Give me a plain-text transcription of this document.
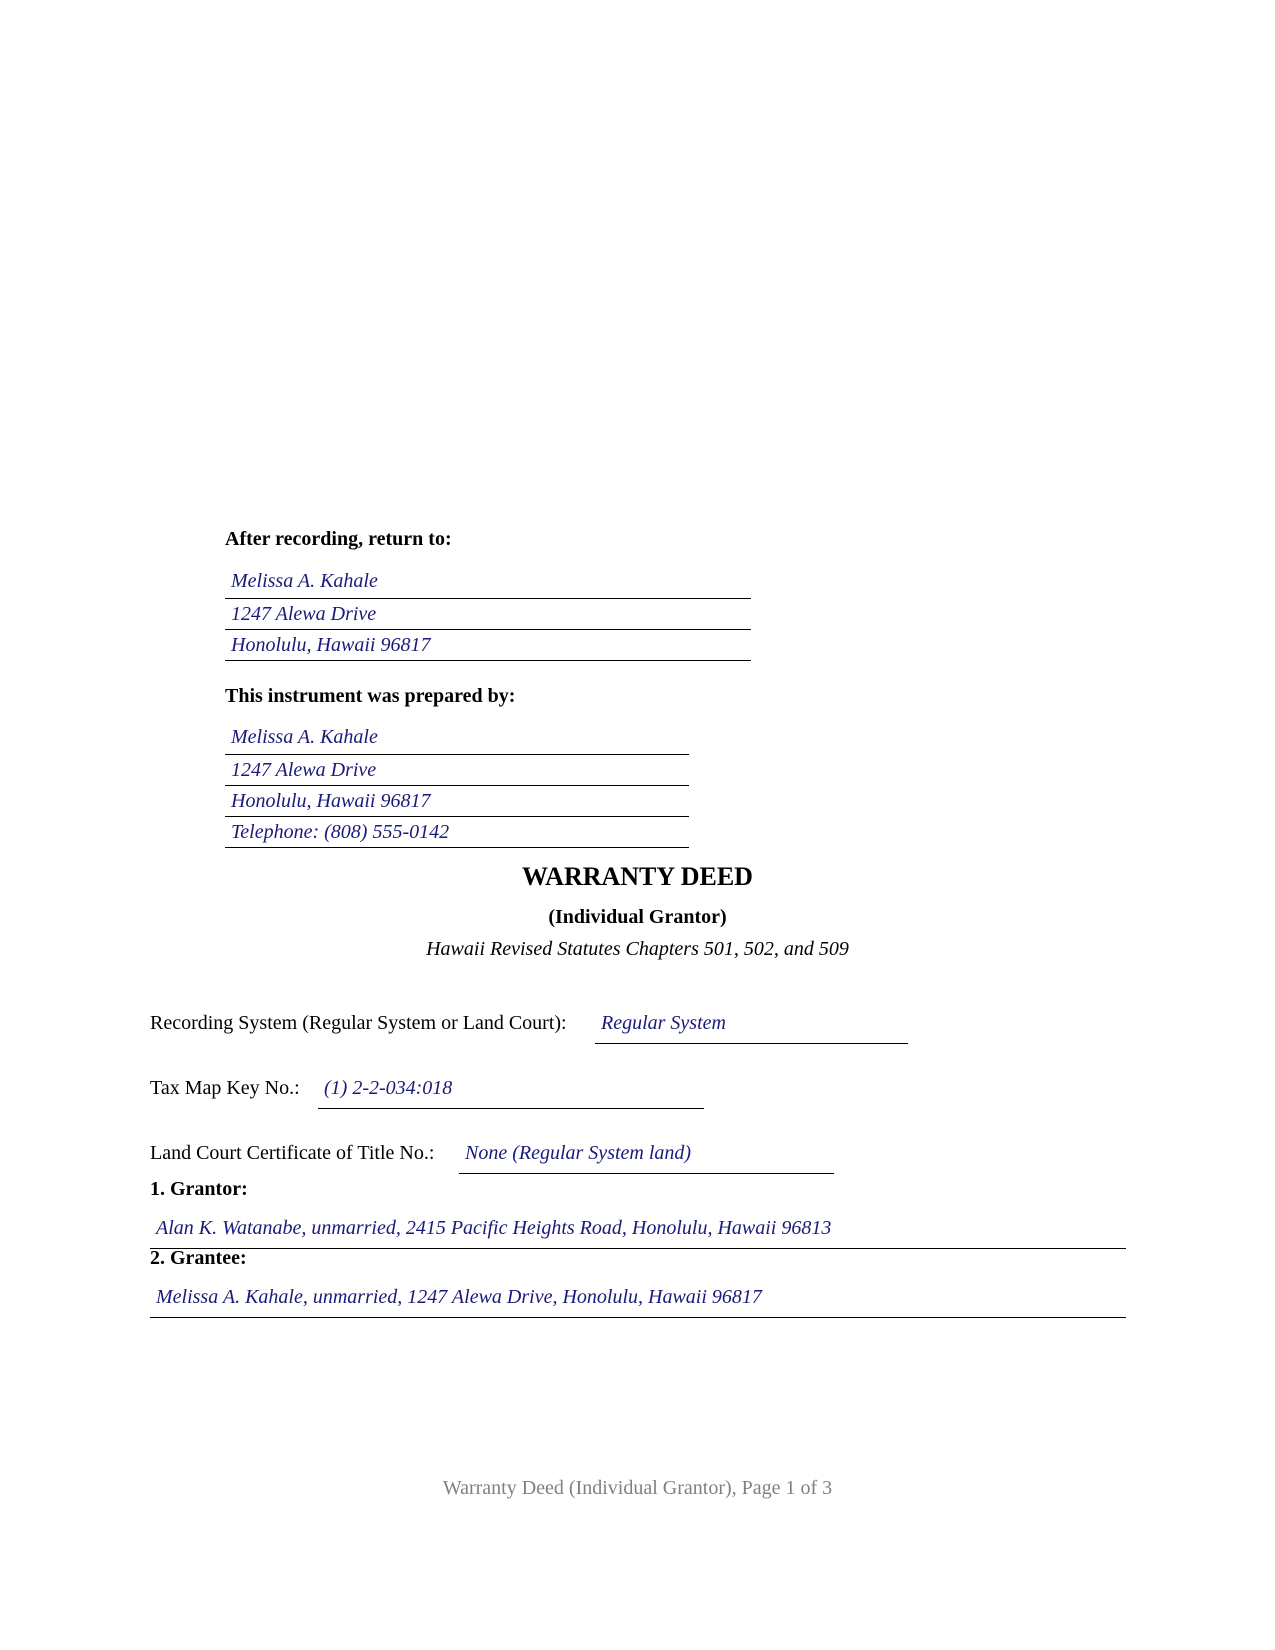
After recording, return to:
Melissa A. Kahale
1247 Alewa Drive
Honolulu, Hawaii 96817
This instrument was prepared by:
Melissa A. Kahale
1247 Alewa Drive
Honolulu, Hawaii 96817
Telephone: (808) 555-0142
WARRANTY DEED
(Individual Grantor)
Hawaii Revised Statutes Chapters 501, 502, and 509
Recording System (Regular System or Land Court):	Regular System
Tax Map Key No.:	(1) 2-2-034:018
Land Court Certificate of Title No.:	None (Regular System land)
1. Grantor:
Alan K. Watanabe, unmarried, 2415 Pacific Heights Road, Honolulu, Hawaii 96813
2. Grantee:
Melissa A. Kahale, unmarried, 1247 Alewa Drive, Honolulu, Hawaii 96817
Warranty Deed (Individual Grantor), Page 1 of 3
